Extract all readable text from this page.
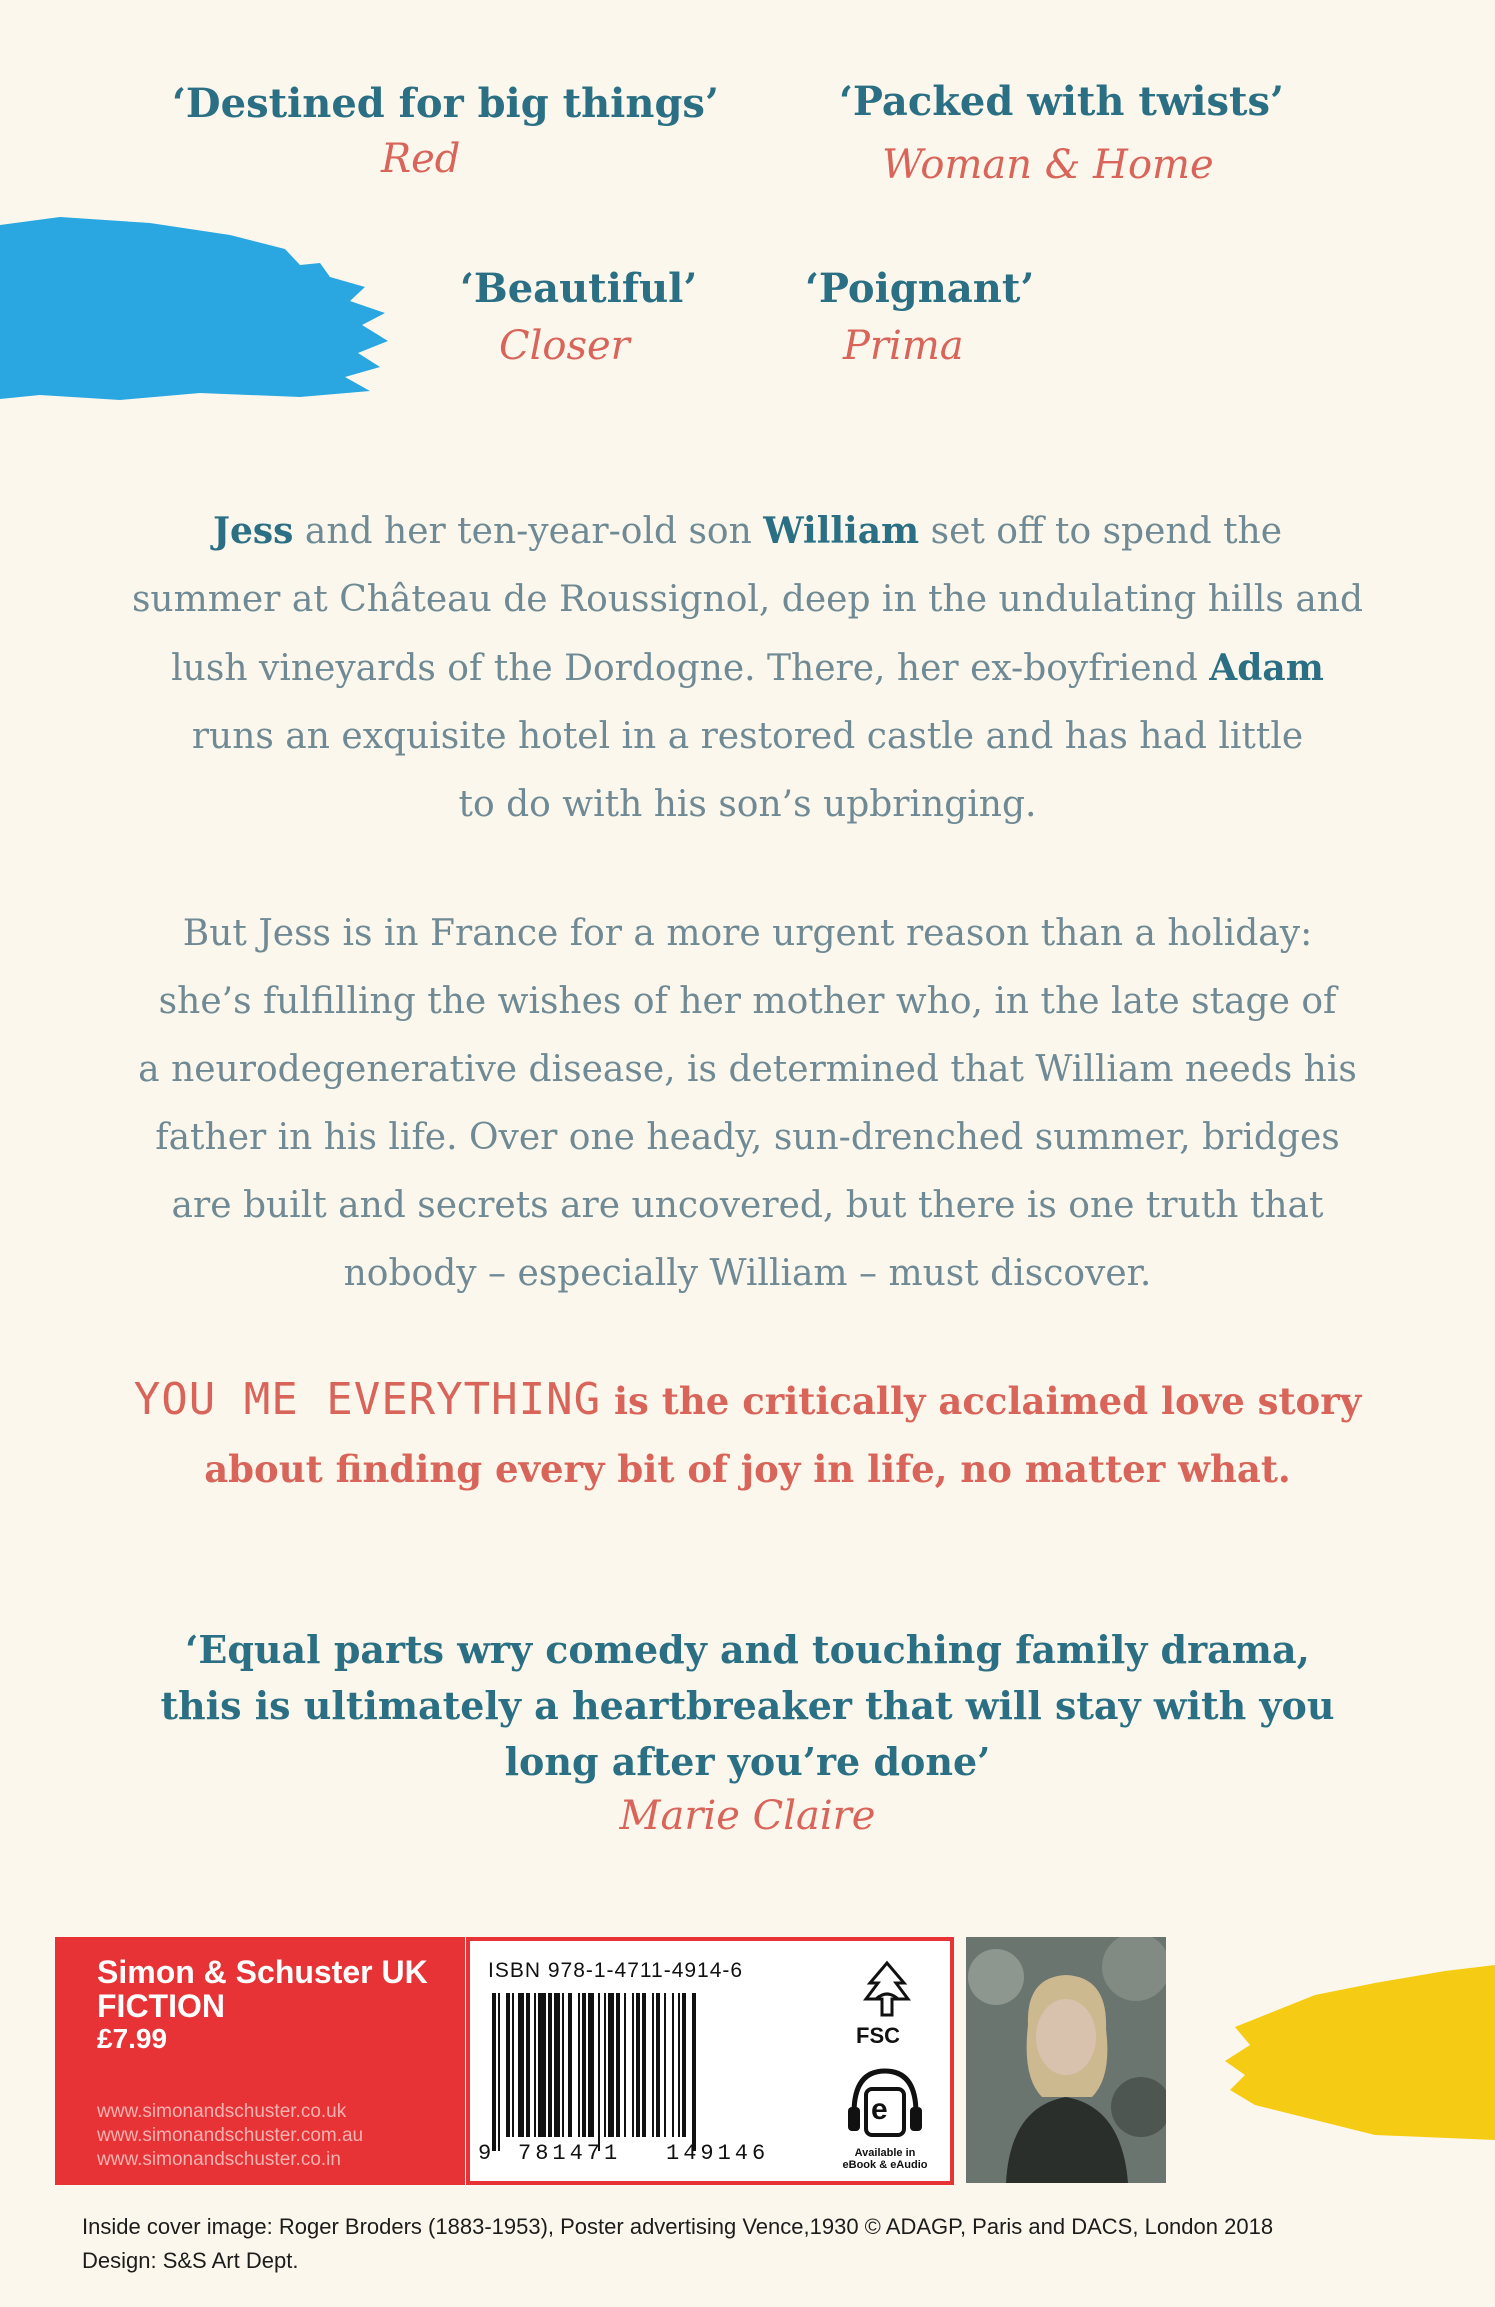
‘Destined for big things’
Red
‘Packed with twists’
Woman & Home
‘Beautiful’
Closer
‘Poignant’
Prima
Jess and her ten-year-old son William set off to spend the
summer at Château de Roussignol, deep in the undulating hills and
lush vineyards of the Dordogne. There, her ex-boyfriend Adam
runs an exquisite hotel in a restored castle and has had little
to do with his son’s upbringing.
But Jess is in France for a more urgent reason than a holiday:
she’s fulfilling the wishes of her mother who, in the late stage of
a neurodegenerative disease, is determined that William needs his
father in his life. Over one heady, sun-drenched summer, bridges
are built and secrets are uncovered, but there is one truth that
nobody – especially William – must discover.
YOU ME EVERYTHING is the critically acclaimed love story
about finding every bit of joy in life, no matter what.
‘Equal parts wry comedy and touching family drama,
this is ultimately a heartbreaker that will stay with you
long after you’re done’
Marie Claire
Simon & Schuster UK
FICTION
£7.99
www.simonandschuster.co.uk
www.simonandschuster.com.au
www.simonandschuster.co.in
ISBN 978-1-4711-4914-6
9 781471 149146
FSC
e
Available in
eBook & eAudio
Inside cover image: Roger Broders (1883-1953), Poster advertising Vence,1930 © ADAGP, Paris and DACS, London 2018
Design: S&S Art Dept.
